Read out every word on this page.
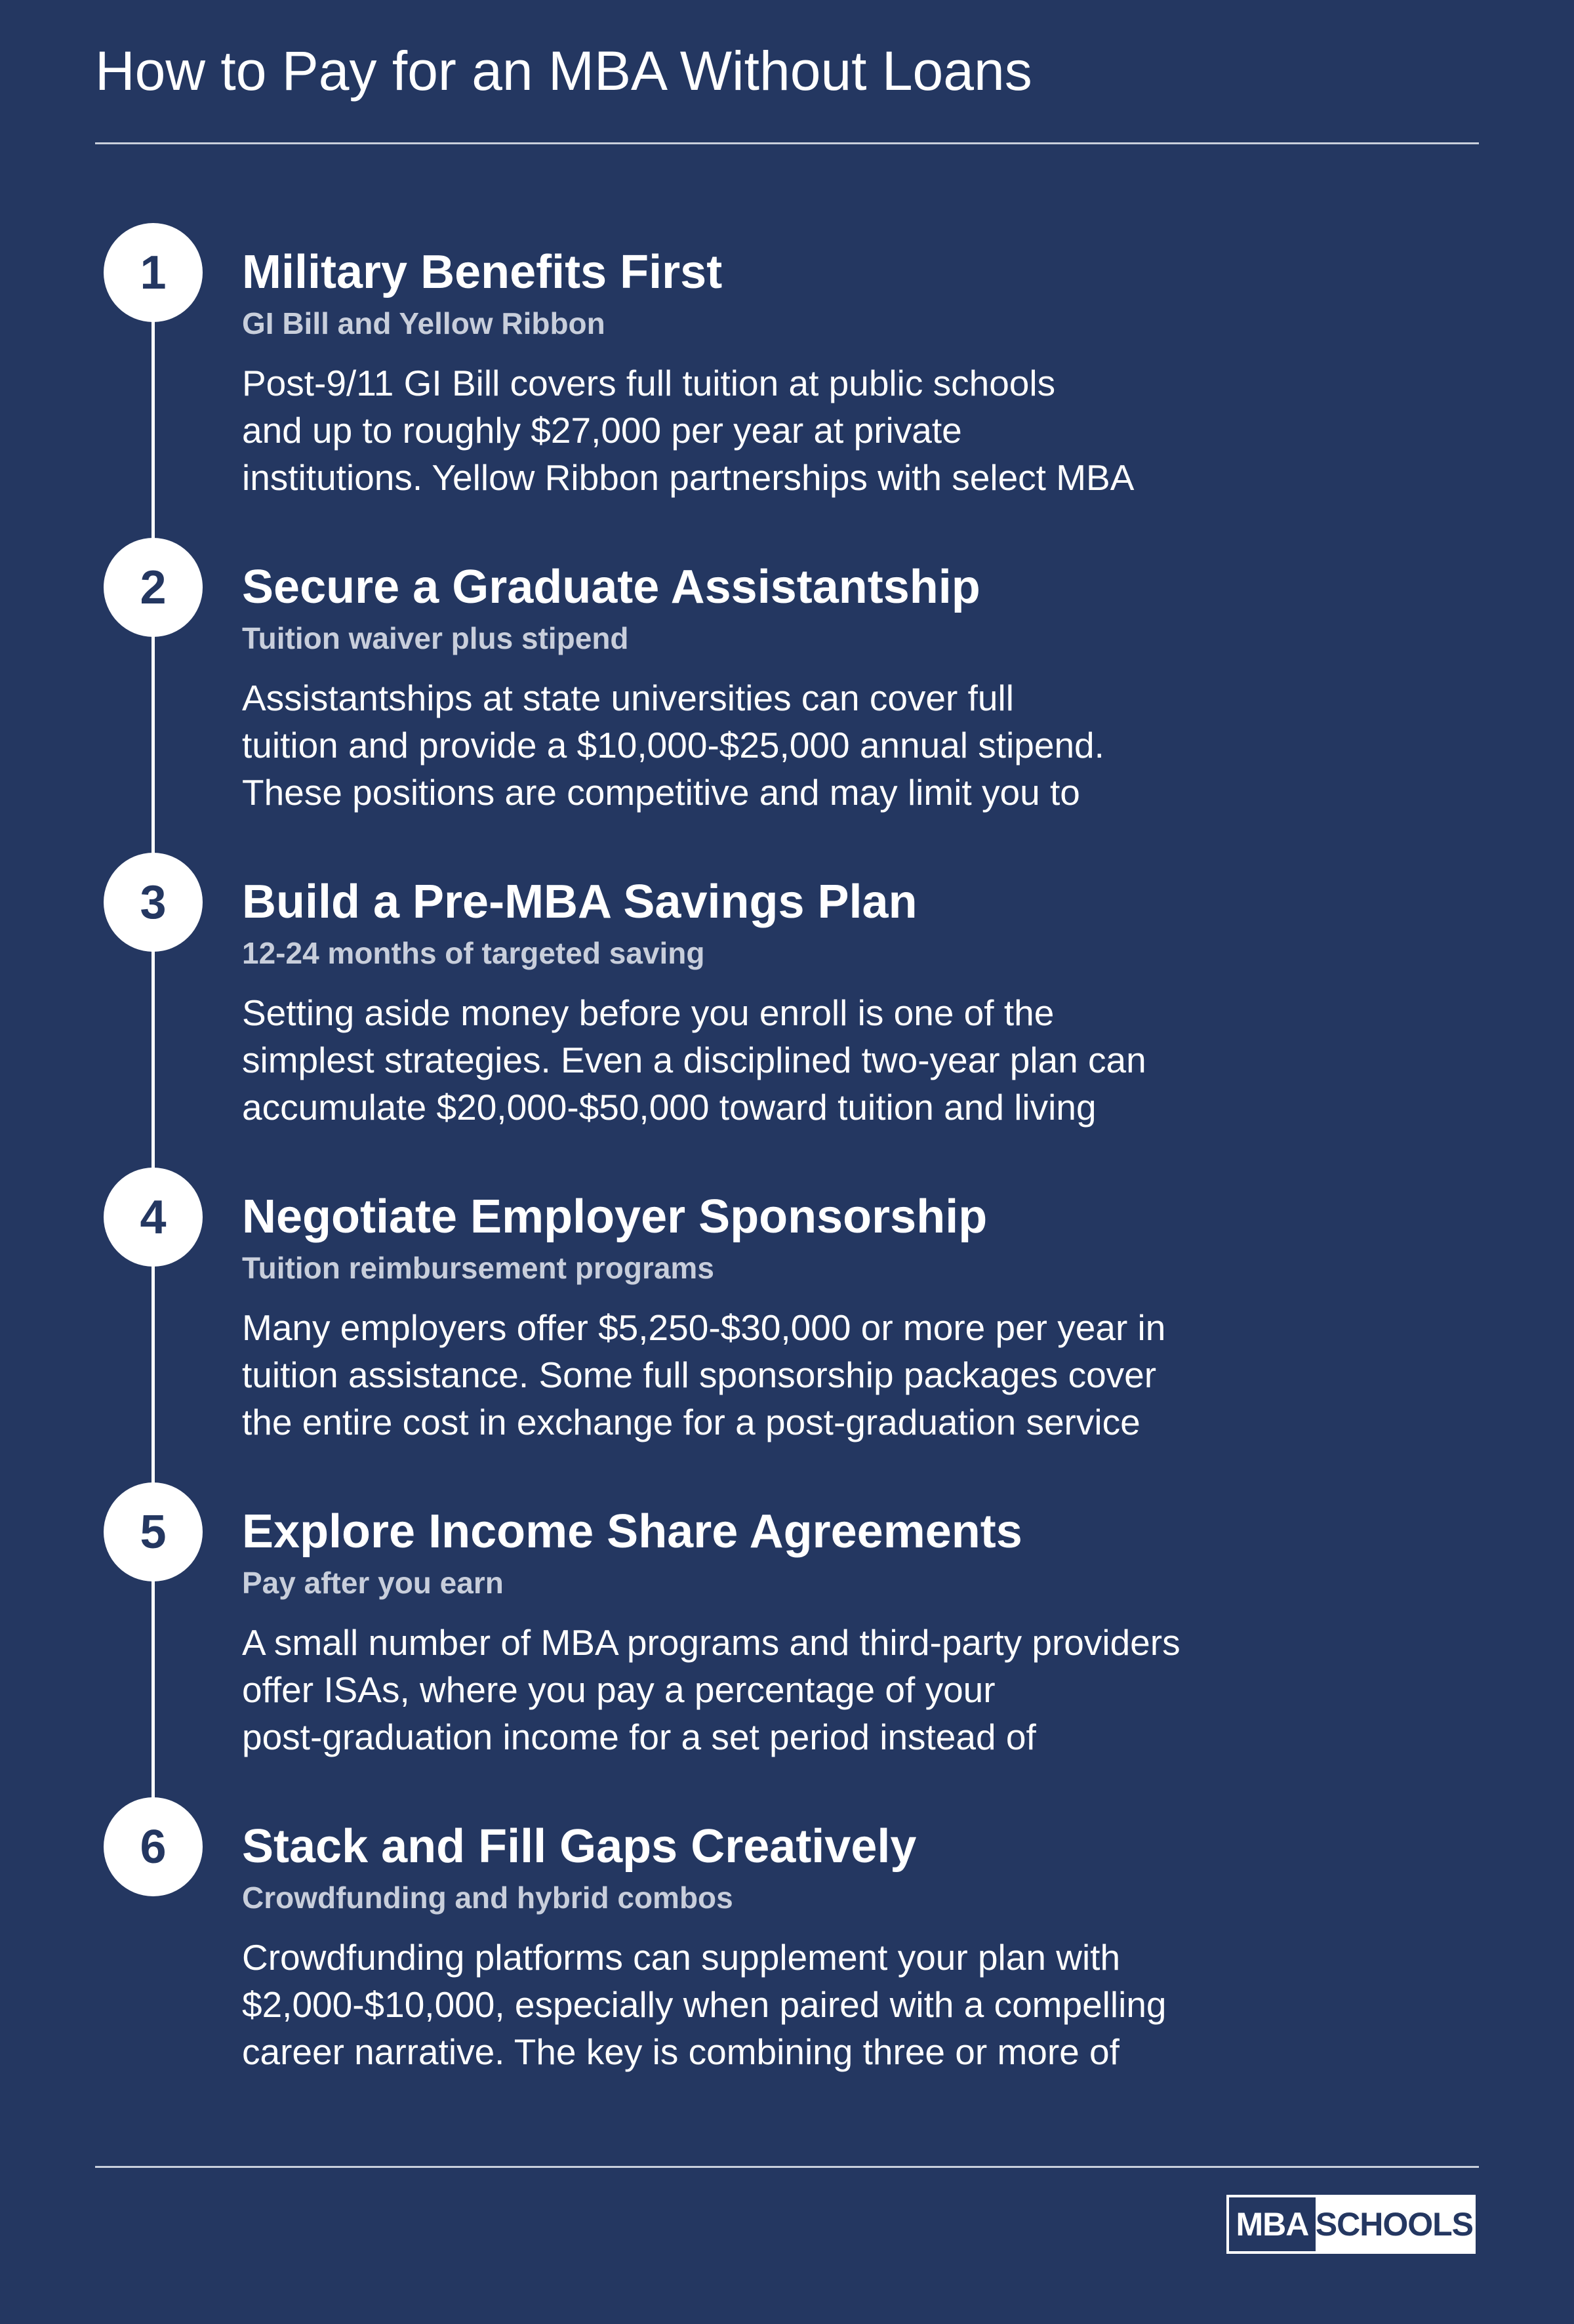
How to Pay for an MBA Without Loans
1	Military Benefits First
GI Bill and Yellow Ribbon
Post-9/11 GI Bill covers full tuition at public schools
and up to roughly $27,000 per year at private
institutions. Yellow Ribbon partnerships with select MBA
2	Secure a Graduate Assistantship
Tuition waiver plus stipend
Assistantships at state universities can cover full
tuition and provide a $10,000-$25,000 annual stipend.
These positions are competitive and may limit you to
3	Build a Pre-MBA Savings Plan
12-24 months of targeted saving
Setting aside money before you enroll is one of the
simplest strategies. Even a disciplined two-year plan can
accumulate $20,000-$50,000 toward tuition and living
4	Negotiate Employer Sponsorship
Tuition reimbursement programs
Many employers offer $5,250-$30,000 or more per year in
tuition assistance. Some full sponsorship packages cover
the entire cost in exchange for a post-graduation service
5	Explore Income Share Agreements
Pay after you earn
A small number of MBA programs and third-party providers
offer ISAs, where you pay a percentage of your
post-graduation income for a set period instead of
6	Stack and Fill Gaps Creatively
Crowdfunding and hybrid combos
Crowdfunding platforms can supplement your plan with
$2,000-$10,000, especially when paired with a compelling
career narrative. The key is combining three or more of
MBA SCHOOLS
